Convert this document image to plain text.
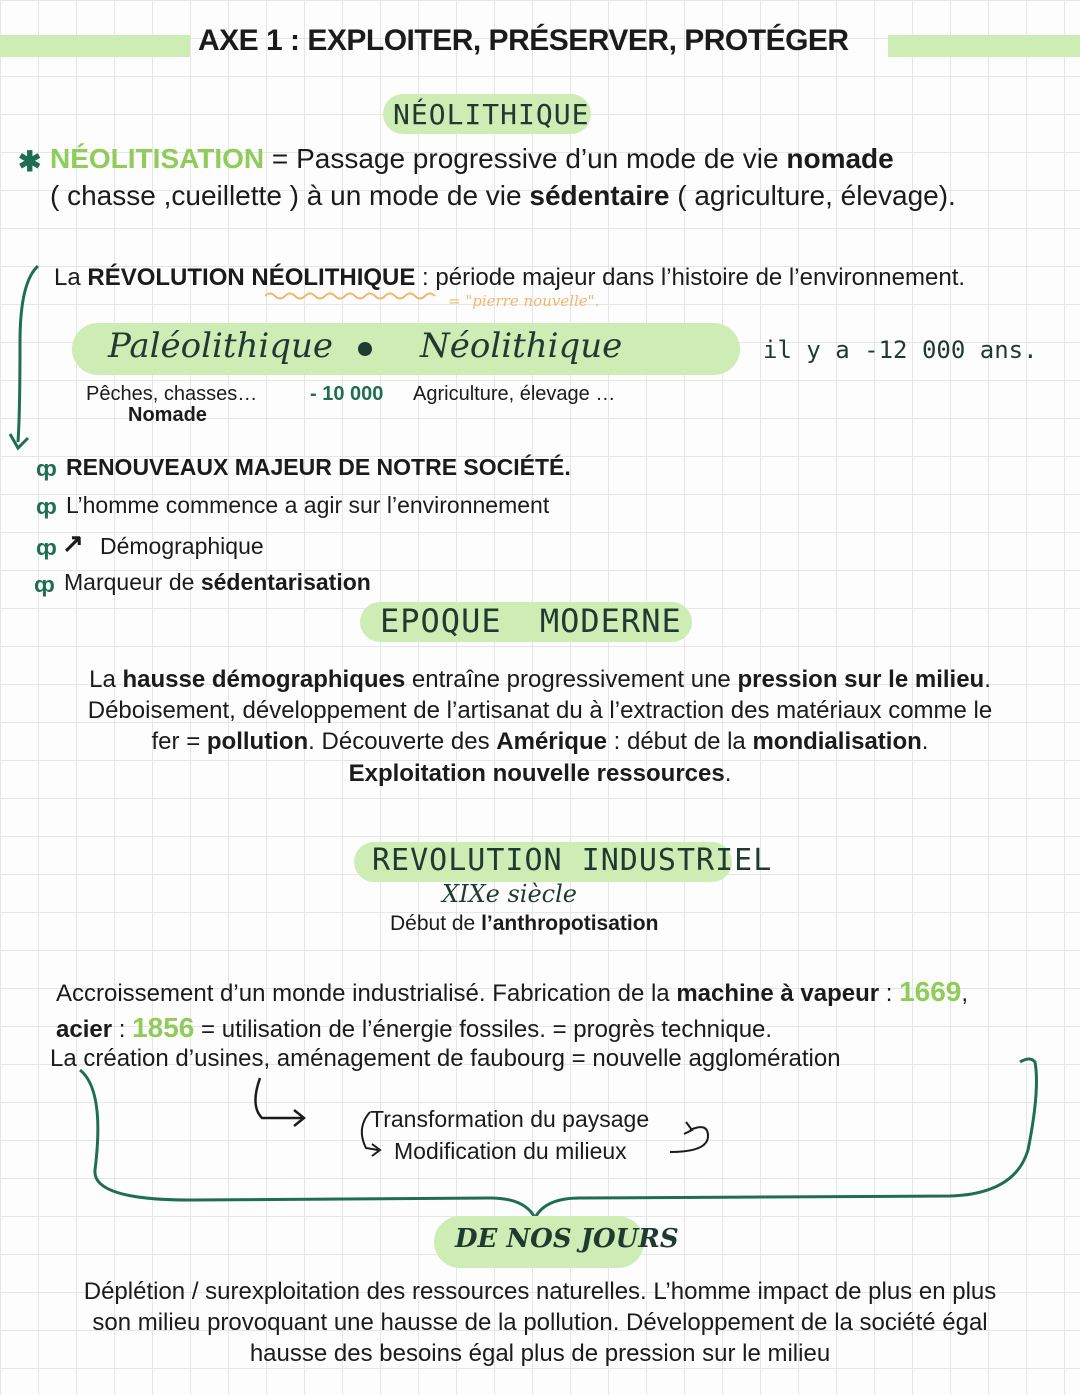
AXE 1 : EXPLOITER, PRÉSERVER, PROTÉGER
NÉOLITHIQUE
✱ NÉOLITISATION = Passage progressive d’un mode de vie nomade
( chasse ,cueillette ) à un mode de vie sédentaire ( agriculture, élevage).
La RÉVOLUTION NÉOLITHIQUE : période majeur dans l’histoire de l’environnement.
= "pierre nouvelle".
Paléolithique	Néolithique	il y a -12 000 ans.
Pêches, chasses…
Nomade
- 10 000 Agriculture, élevage …
ȹ RENOUVEAUX MAJEUR DE NOTRE SOCIÉTÉ.
ȹ L’homme commence a agir sur l’environnement
ȹ ↗ Démographique
ȹ Marqueur de sédentarisation
EPOQUE MODERNE
La hausse démographiques entraîne progressivement une pression sur le milieu.
Déboisement, développement de l’artisanat du à l’extraction des matériaux comme le
fer = pollution. Découverte des Amérique : début de la mondialisation.
Exploitation nouvelle ressources.
REVOLUTION INDUSTRIEL
XIXe siècle
Début de l’anthropotisation
Accroissement d’un monde industrialisé. Fabrication de la machine à vapeur : 1669,
acier : 1856 = utilisation de l’énergie fossiles. = progrès technique.
La création d’usines, aménagement de faubourg = nouvelle agglomération
Transformation du paysage
Modification du milieux
DE NOS JOURS
Déplétion / surexploitation des ressources naturelles. L’homme impact de plus en plus
son milieu provoquant une hausse de la pollution. Développement de la société égal
hausse des besoins égal plus de pression sur le milieu
